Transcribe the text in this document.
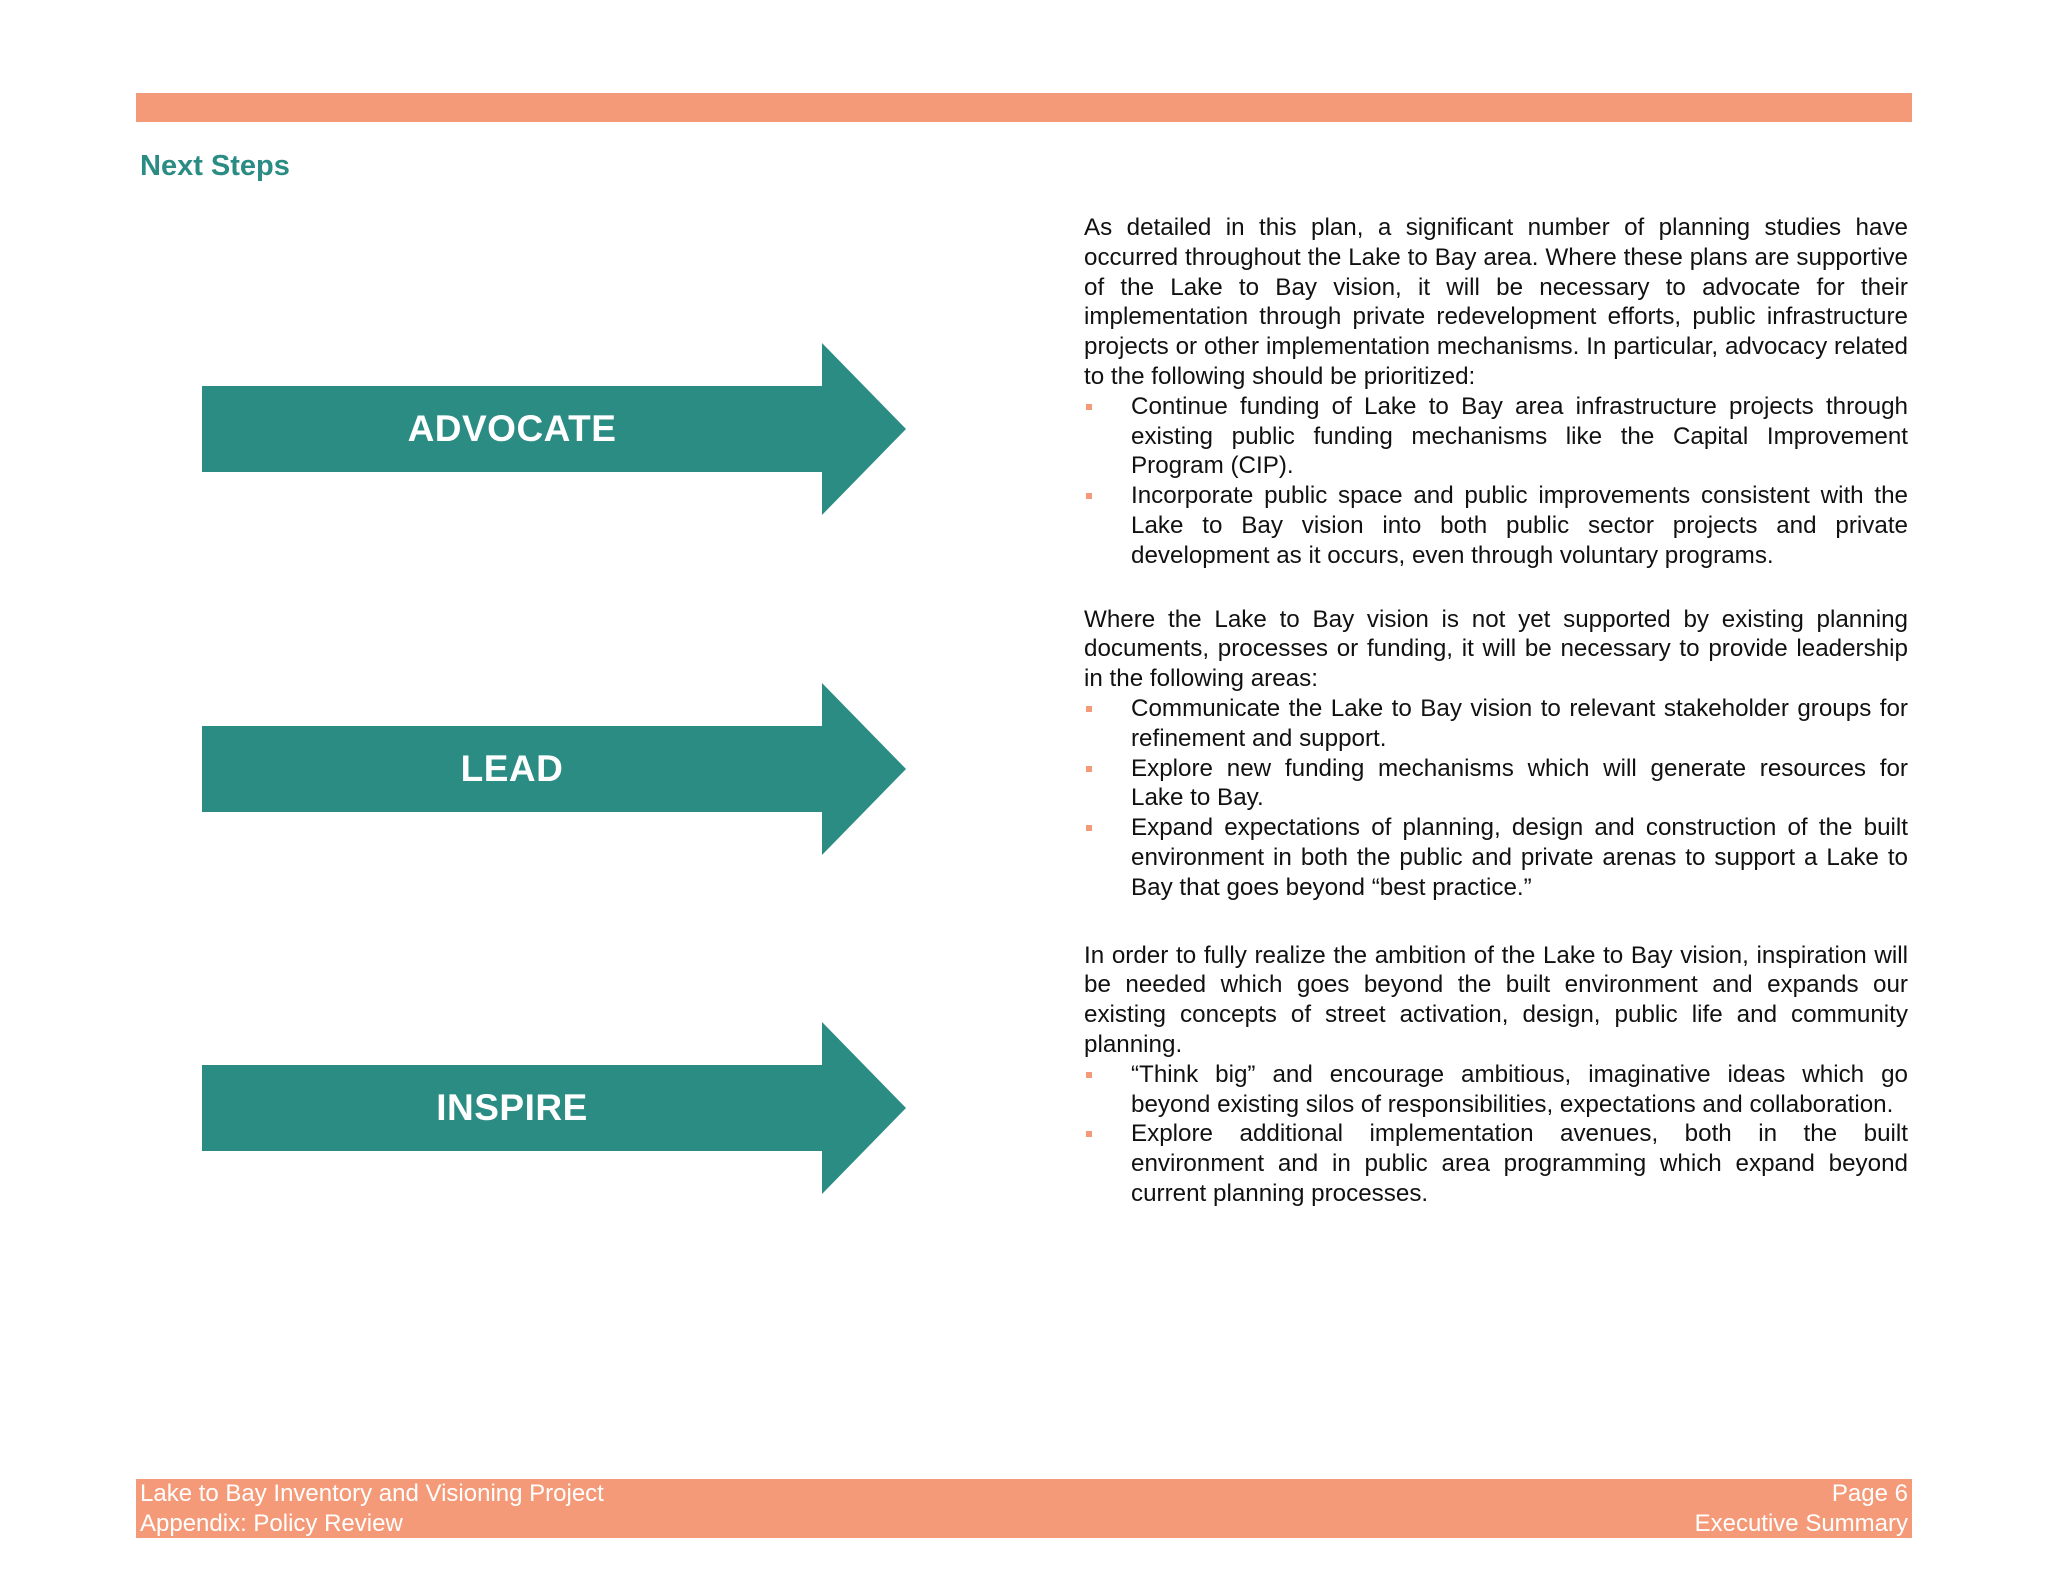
Next Steps
ADVOCATE
LEAD
INSPIRE

As detailed in this plan, a significant number of planning studies have occurred throughout the Lake to Bay area. Where these plans are supportive of the Lake to Bay vision, it will be necessary to advocate for their implementation through private redevelopment efforts, public infrastructure projects or other implementation mechanisms. In particular, advocacy related to the following should be prioritized:

Continue funding of Lake to Bay area infrastructure projects through existing public funding mechanisms like the Capital Improvement Program (CIP).
Incorporate public space and public improvements consistent with the Lake to Bay vision into both public sector projects and private development as it occurs, even through voluntary programs.

Where the Lake to Bay vision is not yet supported by existing planning documents, processes or funding, it will be necessary to provide leadership in the following areas:

Communicate the Lake to Bay vision to relevant stakeholder groups for refinement and support.
Explore new funding mechanisms which will generate resources for Lake to Bay.
Expand expectations of planning, design and construction of the built environment in both the public and private arenas to support a Lake to Bay that goes beyond “best practice.”

In order to fully realize the ambition of the Lake to Bay vision, inspiration will be needed which goes beyond the built environment and expands our existing concepts of street activation, design, public life and community planning.

“Think big” and encourage ambitious, imaginative ideas which go beyond existing silos of responsibilities, expectations and collaboration.
Explore additional implementation avenues, both in the built environment and in public area programming which expand beyond current planning processes.
Lake to Bay Inventory and Visioning Project
Appendix: Policy Review
Page 6
Executive Summary
